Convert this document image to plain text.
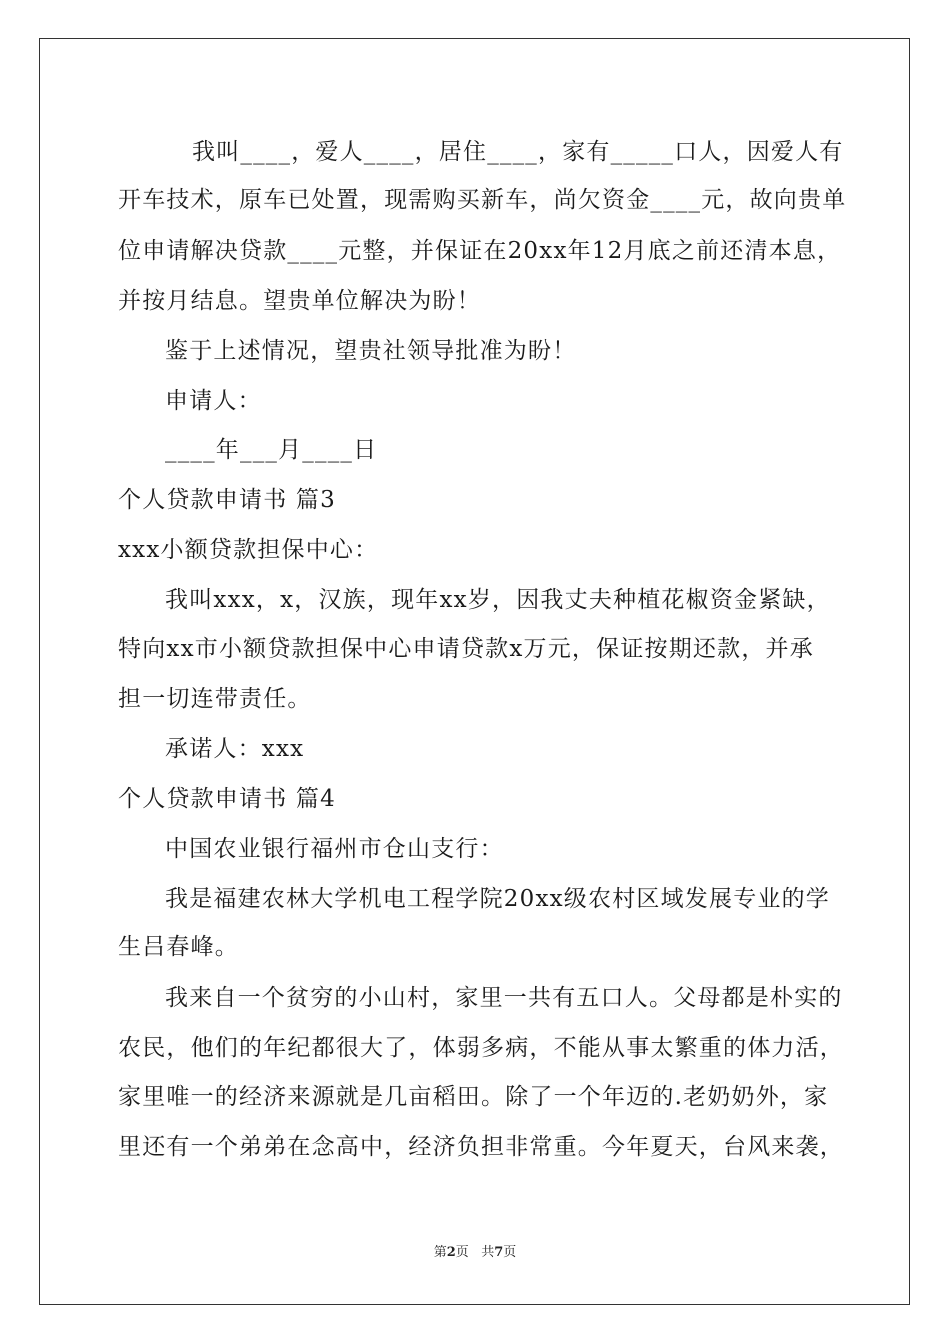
我叫____，爱人____，居住____，家有_____口人，因爱人有
开车技术，原车已处置，现需购买新车，尚欠资金____元，故向贵单
位申请解决贷款____元整，并保证在20xx年12月底之前还清本息，
并按月结息。望贵单位解决为盼！
鉴于上述情况，望贵社领导批准为盼！
申请人：
____年___月____日
个人贷款申请书 篇3
xxx小额贷款担保中心：
我叫xxx，x，汉族，现年xx岁，因我丈夫种植花椒资金紧缺，
特向xx市小额贷款担保中心申请贷款x万元，保证按期还款，并承
担一切连带责任。
承诺人：xxx
个人贷款申请书 篇4
中国农业银行福州市仓山支行：
我是福建农林大学机电工程学院20xx级农村区域发展专业的学
生吕春峰。
我来自一个贫穷的小山村，家里一共有五口人。父母都是朴实的
农民，他们的年纪都很大了，体弱多病，不能从事太繁重的体力活，
家里唯一的经济来源就是几亩稻田。除了一个年迈的.老奶奶外，家
里还有一个弟弟在念高中，经济负担非常重。今年夏天，台风来袭，
第2页 共7页
